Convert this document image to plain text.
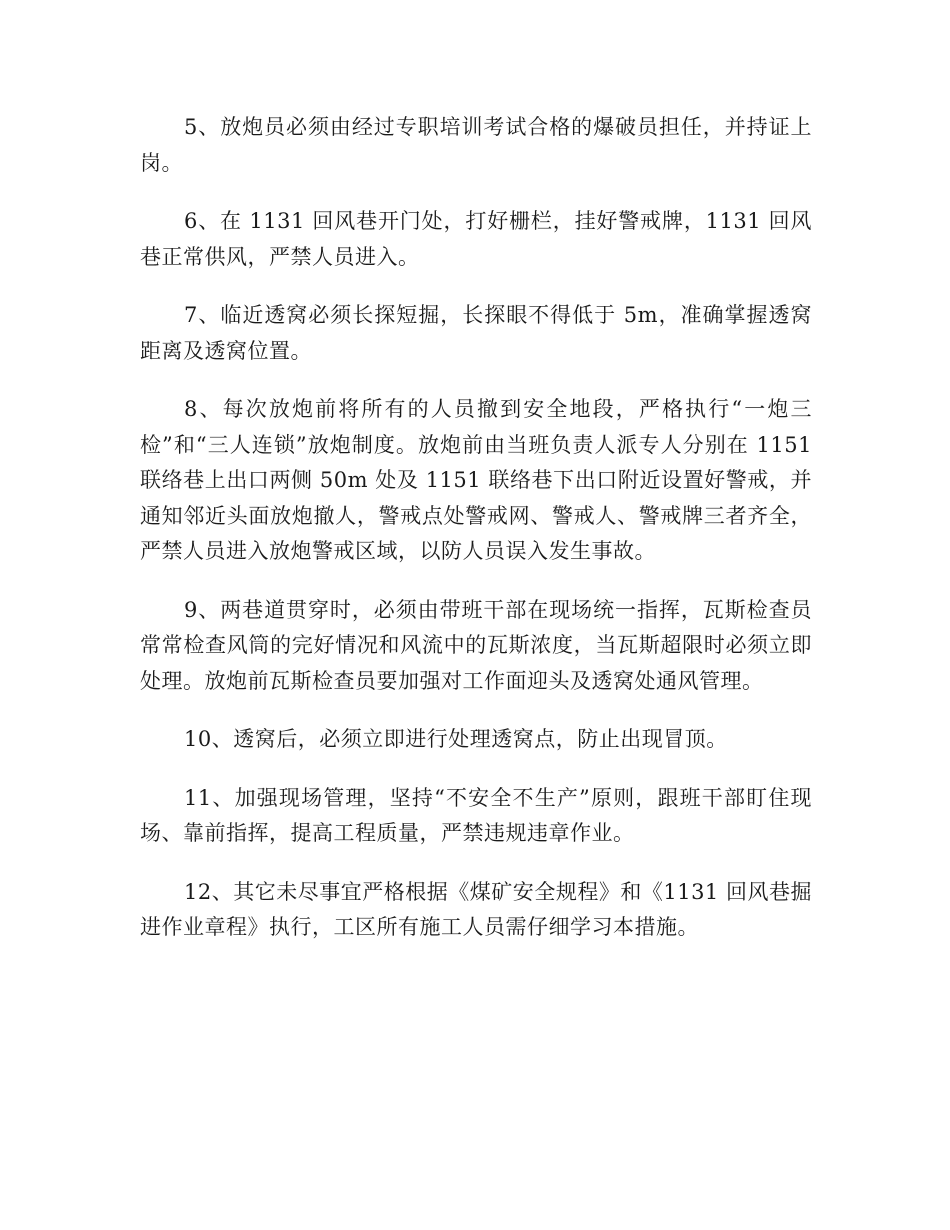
5、放炮员必须由经过专职培训考试合格的爆破员担任，并持证上岗。

6、在 1131 回风巷开门处，打好栅栏，挂好警戒牌，1131 回风巷正常供风，严禁人员进入。

7、临近透窝必须长探短掘，长探眼不得低于 5m，准确掌握透窝距离及透窝位置。

8、每次放炮前将所有的人员撤到安全地段，严格执行“一炮三检”和“三人连锁”放炮制度。放炮前由当班负责人派专人分别在 1151 联络巷上出口两侧 50m 处及 1151 联络巷下出口附近设置好警戒，并通知邻近头面放炮撤人，警戒点处警戒网、警戒人、警戒牌三者齐全，严禁人员进入放炮警戒区域，以防人员误入发生事故。

9、两巷道贯穿时，必须由带班干部在现场统一指挥，瓦斯检查员常常检查风筒的完好情况和风流中的瓦斯浓度，当瓦斯超限时必须立即处理。放炮前瓦斯检查员要加强对工作面迎头及透窝处通风管理。

10、透窝后，必须立即进行处理透窝点，防止出现冒顶。

11、加强现场管理，坚持“不安全不生产”原则，跟班干部盯住现场、靠前指挥，提高工程质量，严禁违规违章作业。

12、其它未尽事宜严格根据《煤矿安全规程》和《1131 回风巷掘进作业章程》执行，工区所有施工人员需仔细学习本措施。
